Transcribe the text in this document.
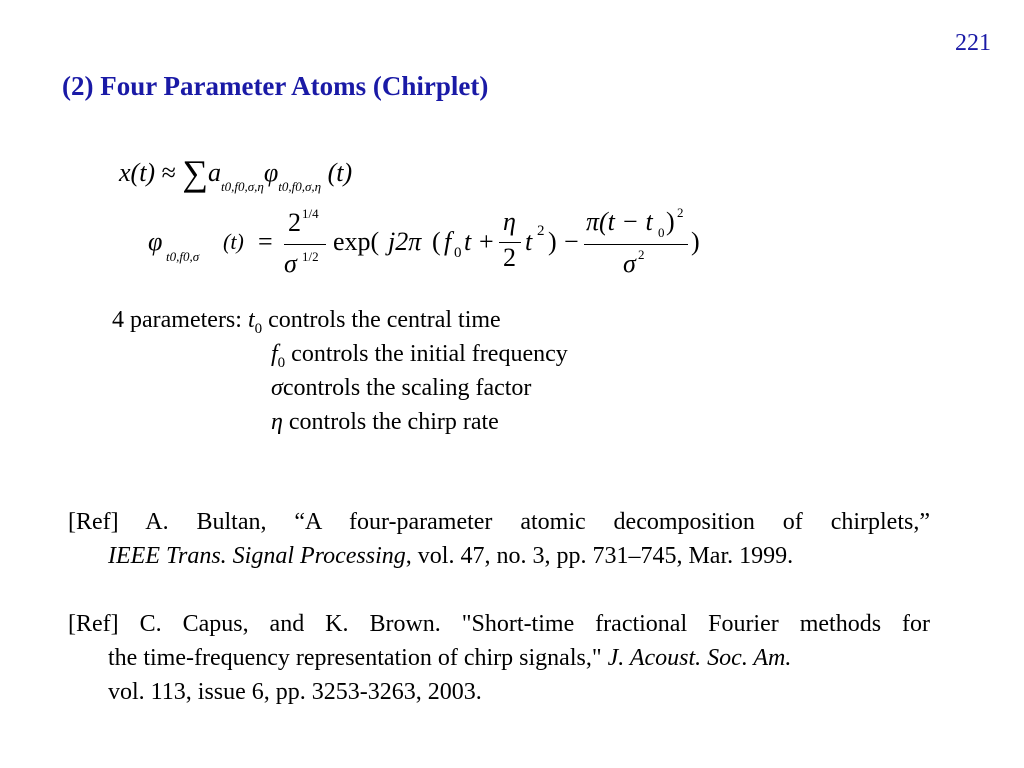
221
(2) Four Parameter Atoms (Chirplet)
$x(t) \approx \sum a_{t0,f0,\sigma,\eta}\varphi_{t0,f0,\sigma,\eta}$ (t)
φ
t0,f0,σ
(t) =
2 1/4
σ 1/2
exp( j2π ( f 0 t +
η
2
t 2 ) −
π(t − t 0 ) 2
σ 2 )
4 parameters: $t_0$ controls the central time
$f_0$ controls the initial frequency
σcontrols the scaling factor
η controls the chirp rate
[Ref] A. Bultan, “A four-parameter atomic decomposition of chirplets,”
IEEE Trans. Signal Processing, vol. 47, no. 3, pp. 731–745, Mar. 1999.
[Ref] C. Capus, and K. Brown. "Short-time fractional Fourier methods for
the time-frequency representation of chirp signals," J. Acoust. Soc. Am.
vol. 113, issue 6, pp. 3253-3263, 2003.
